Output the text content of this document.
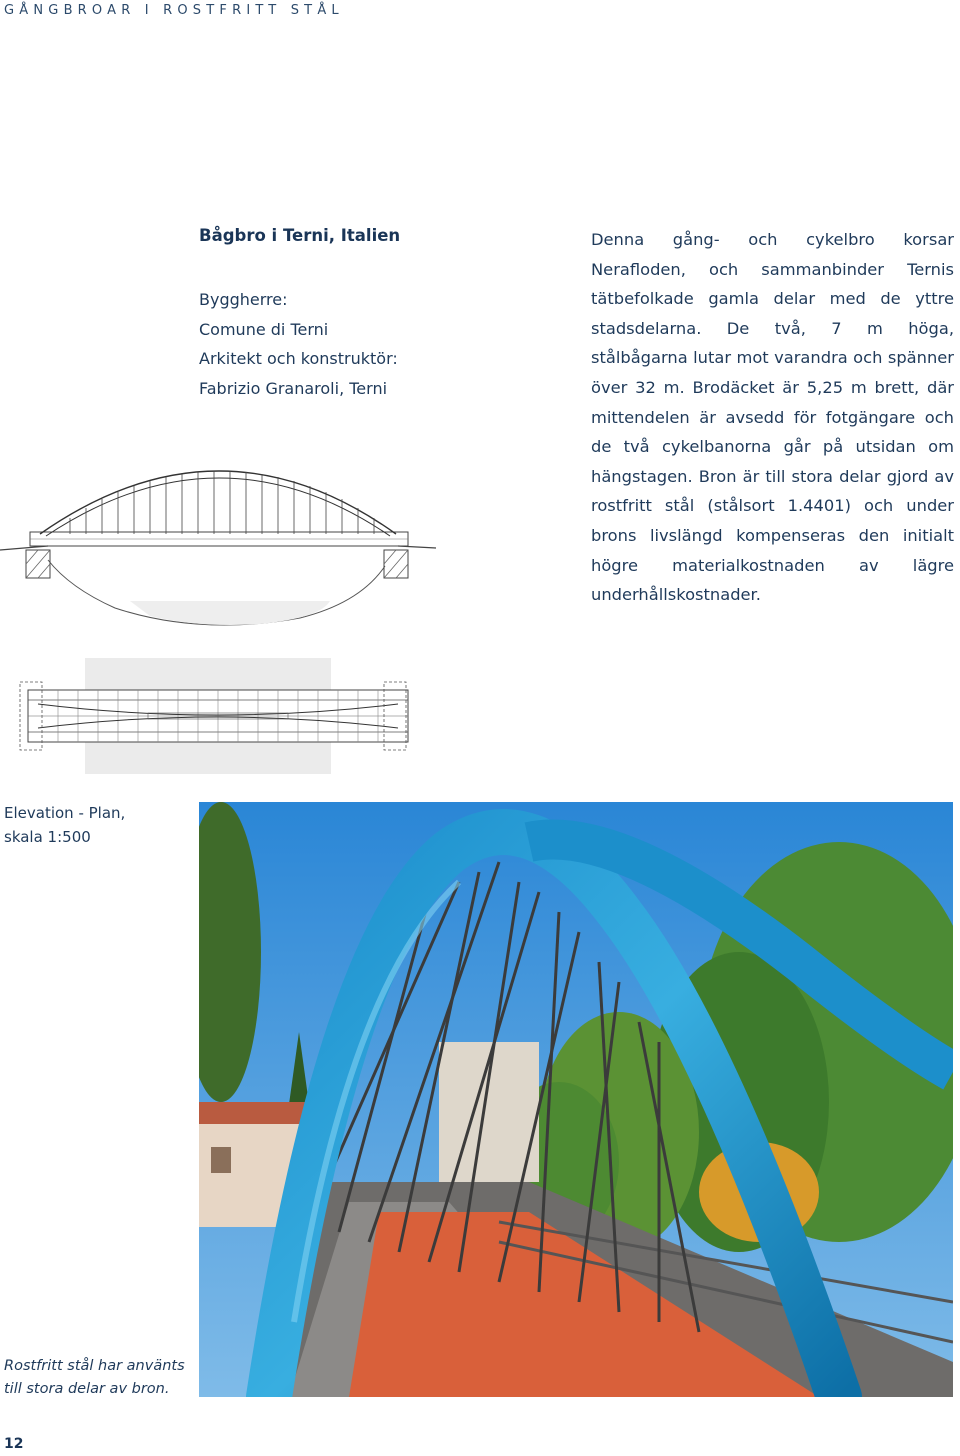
GÅNGBROAR I ROSTFRITT STÅL
Bågbro i Terni, Italien
Byggherre:
Comune di Terni
Arkitekt och konstruktör:
Fabrizio Granaroli, Terni
Denna gång- och cykelbro korsar Nerafloden, och sammanbinder Ternis tätbefolkade gamla delar med de yttre stadsdelarna. De två, 7 m höga, stålbågarna lutar mot varandra och spänner över 32 m. Brodäcket är 5,25 m brett, där mittendelen är avsedd för fotgängare och de två cykelbanorna går på utsidan om hängstagen. Bron är till stora delar gjord av rostfritt stål (stålsort 1.4401) och under brons livslängd kompenseras den initialt högre materialkostnaden av lägre underhållskostnader.
Elevation - Plan,
skala 1:500
Rostfritt stål har använts
till stora delar av bron.
12
